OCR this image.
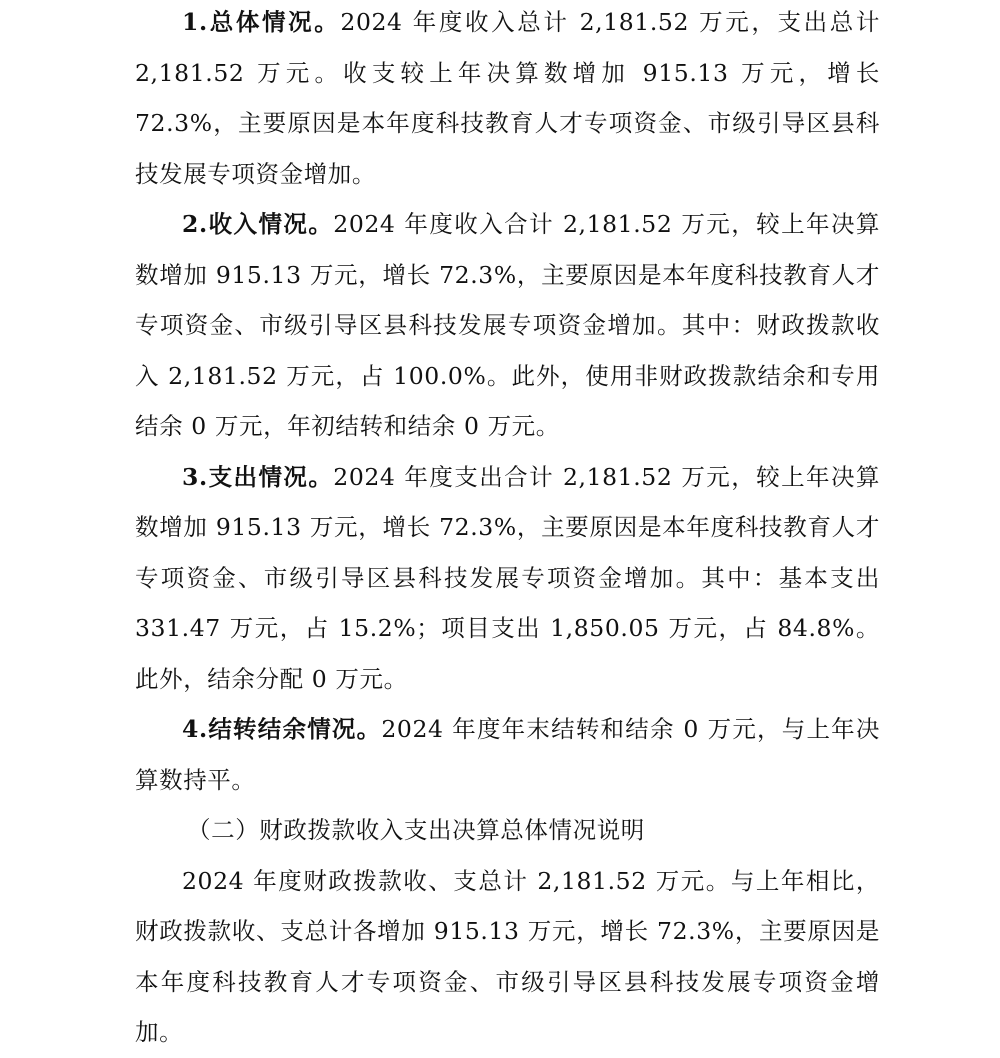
1.总体情况。2024 年度收入总计 2,181.52 万元，支出总计 2,181.52 万元。收支较上年决算数增加 915.13 万元，增长 72.3%，主要原因是本年度科技教育人才专项资金、市级引导区县科技发展专项资金增加。

2.收入情况。2024 年度收入合计 2,181.52 万元，较上年决算数增加 915.13 万元，增长 72.3%，主要原因是本年度科技教育人才专项资金、市级引导区县科技发展专项资金增加。其中：财政拨款收入 2,181.52 万元，占 100.0%。此外，使用非财政拨款结余和专用结余 0 万元，年初结转和结余 0 万元。

3.支出情况。2024 年度支出合计 2,181.52 万元，较上年决算数增加 915.13 万元，增长 72.3%，主要原因是本年度科技教育人才专项资金、市级引导区县科技发展专项资金增加。其中：基本支出 331.47 万元，占 15.2%；项目支出 1,850.05 万元，占 84.8%。此外，结余分配 0 万元。

4.结转结余情况。2024 年度年末结转和结余 0 万元，与上年决算数持平。

（二）财政拨款收入支出决算总体情况说明

2024 年度财政拨款收、支总计 2,181.52 万元。与上年相比，财政拨款收、支总计各增加 915.13 万元，增长 72.3%，主要原因是本年度科技教育人才专项资金、市级引导区县科技发展专项资金增加。
